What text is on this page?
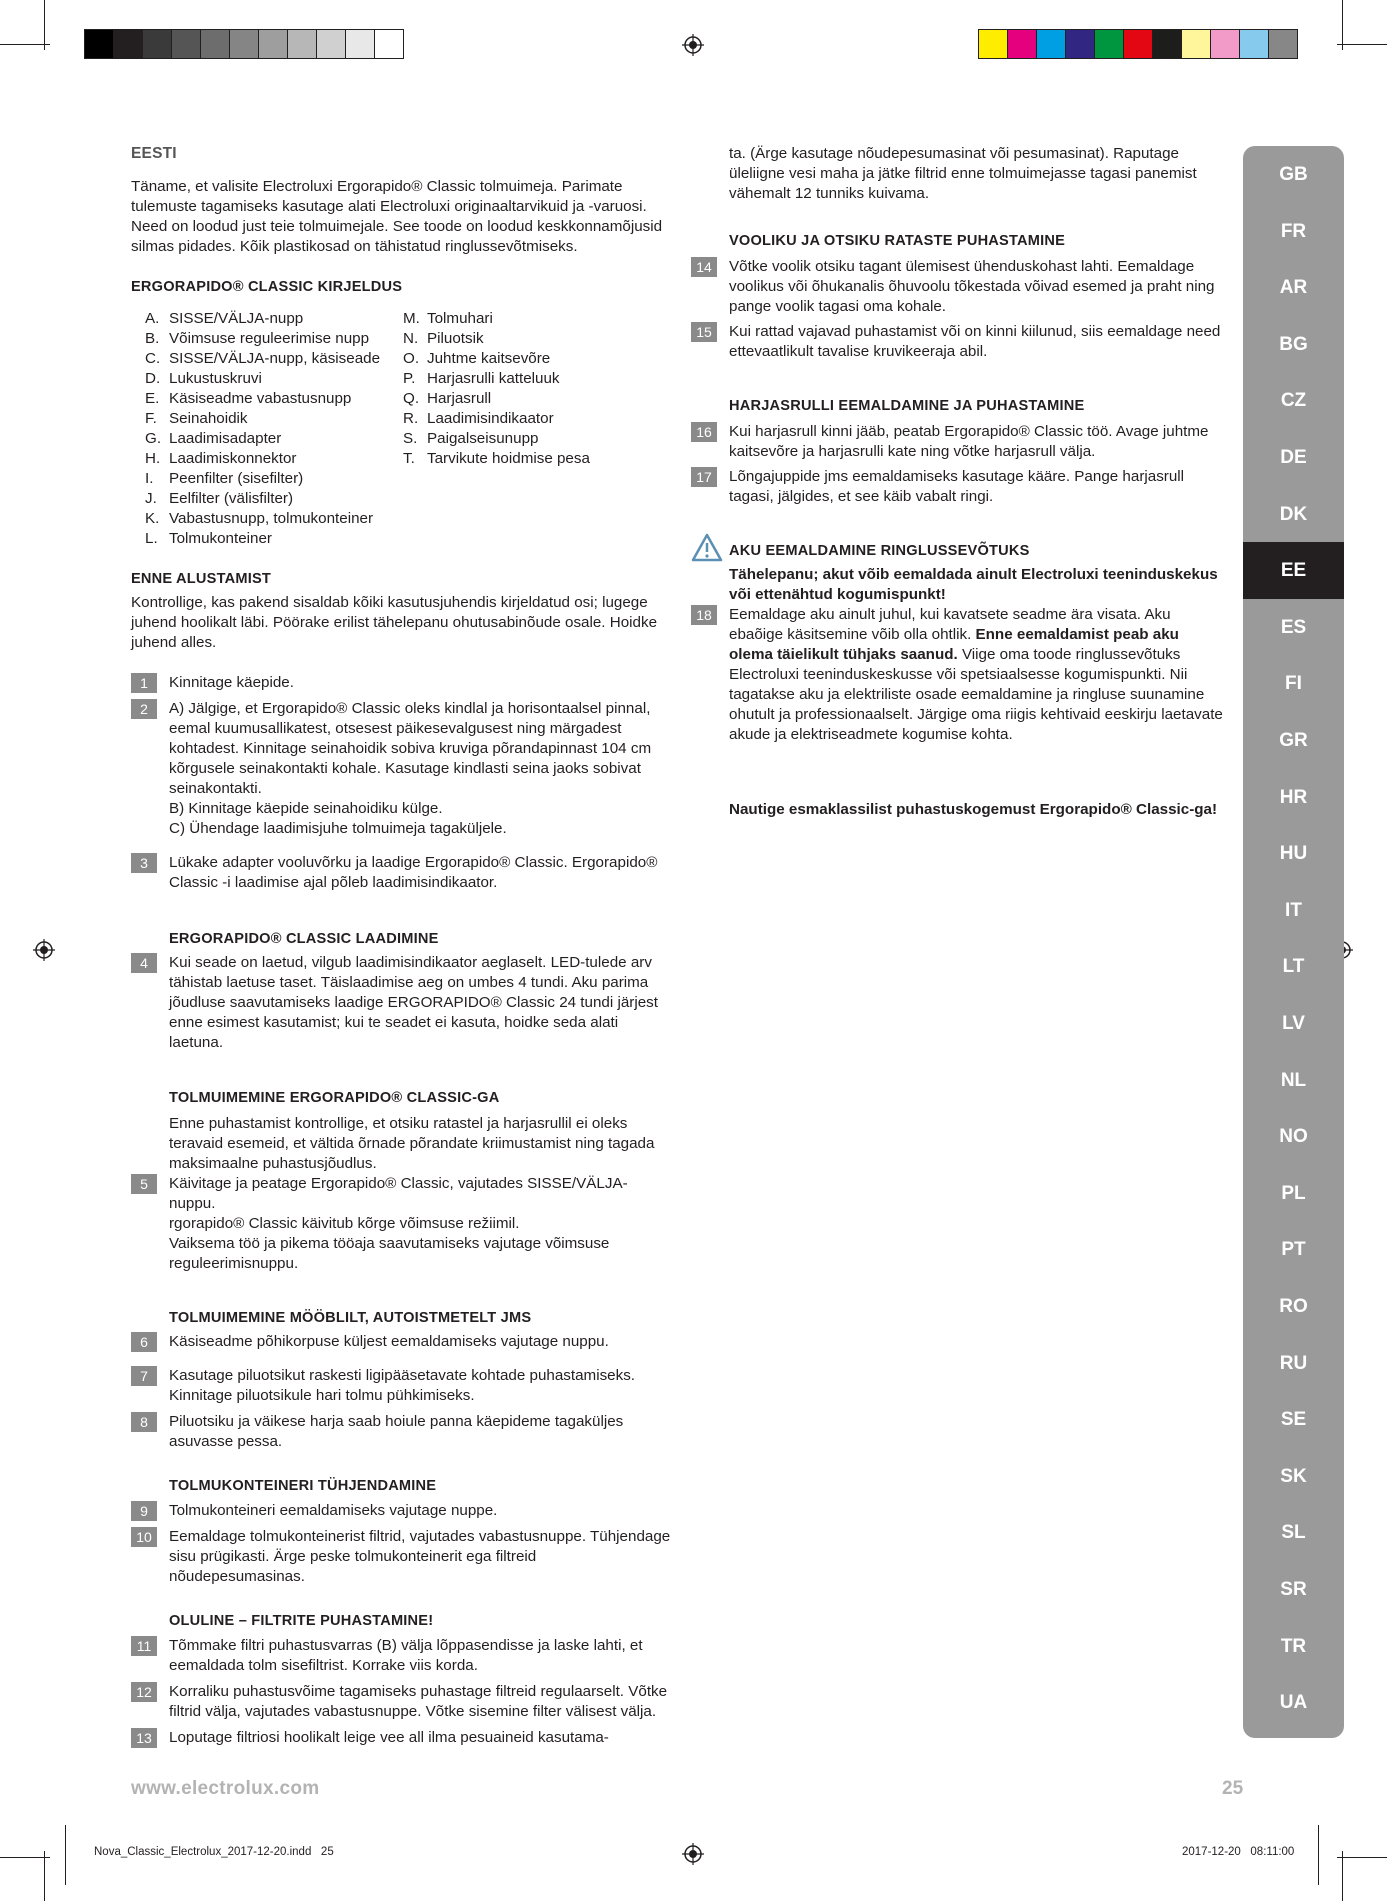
EESTI

Täname, et valisite Electroluxi Ergorapido® Classic tolmuimeja. Parimate tulemuste tagamiseks kasutage alati Electroluxi originaaltarvikuid ja -varuosi. Need on loodud just teie tolmuimejale. See toode on loodud keskkonnamõjusid silmas pidades. Kõik plastikosad on tähistatud ringlussevõtmiseks.

ERGORAPIDO® CLASSIC KIRJELDUS

A. SISSE/VÄLJA-nupp
B. Võimsuse reguleerimise nupp
C. SISSE/VÄLJA-nupp, käsiseade
D. Lukustuskruvi
E. Käsiseadme vabastusnupp
F. Seinahoidik
G. Laadimisadapter
H. Laadimiskonnektor
I.	Peenfilter (sisefilter)
J. Eelfilter (välisfilter)
K. Vabastusnupp, tolmukonteiner
L. Tolmukonteiner
M. Tolmuhari
N. Piluotsik
O. Juhtme kaitsevõre
P. Harjasrulli katteluuk
Q. Harjasrull
R. Laadimisindikaator
S. Paigalseisunupp
T. Tarvikute hoidmise pesa

ENNE ALUSTAMIST

Kontrollige, kas pakend sisaldab kõiki kasutusjuhendis kirjeldatud osi; lugege juhend hoolikalt läbi. Pöörake erilist tähelepanu ohutusabinõude osale. Hoidke juhend alles.

1	Kinnitage käepide.

2	A) Jälgige, et Ergorapido® Classic oleks kindlal ja horisontaalsel pinnal, eemal kuumusallikatest, otsesest päikesevalgusest ning märgadest kohtadest. Kinnitage seinahoidik sobiva kruviga põrandapinnast 104 cm kõrgusele seinakontakti kohale. Kasutage kindlasti seina jaoks sobivat seinakontakti.

B) Kinnitage käepide seinahoidiku külge.

C) Ühendage laadimisjuhe tolmuimeja tagaküljele.

3	Lükake adapter vooluvõrku ja laadige Ergorapido® Classic. Ergorapido® Classic -i laadimise ajal põleb laadimisindikaator.

ERGORAPIDO® CLASSIC LAADIMINE

4	Kui seade on laetud, vilgub laadimisindikaator aeglaselt. LED-tulede arv tähistab laetuse taset. Täislaadimise aeg on umbes 4 tundi. Aku parima jõudluse saavutamiseks laadige ERGORAPIDO® Classic 24 tundi järjest enne esimest kasutamist; kui te seadet ei kasuta, hoidke seda alati laetuna.

TOLMUIMEMINE ERGORAPIDO® CLASSIC-GA

Enne puhastamist kontrollige, et otsiku ratastel ja harjasrullil ei oleks teravaid esemeid, et vältida õrnade põrandate kriimustamist ning tagada maksimaalne puhastusjõudlus.

5	Käivitage ja peatage Ergorapido® Classic, vajutades SISSE/VÄLJA-nuppu.

rgorapido® Classic käivitub kõrge võimsuse režiimil.

Vaiksema töö ja pikema tööaja saavutamiseks vajutage võimsuse reguleerimisnuppu.

TOLMUIMEMINE MÖÖBLILT, AUTOISTMETELT JMS

6	Käsiseadme põhikorpuse küljest eemaldamiseks vajutage nuppu.

7	Kasutage piluotsikut raskesti ligipääsetavate kohtade puhastamiseks. Kinnitage piluotsikule hari tolmu pühkimiseks.

8	Piluotsiku ja väikese harja saab hoiule panna käepideme tagaküljes asuvasse pessa.

TOLMUKONTEINERI TÜHJENDAMINE

9	Tolmukonteineri eemaldamiseks vajutage nuppe.

10	Eemaldage tolmukonteinerist filtrid, vajutades vabastusnuppe. Tühjendage sisu prügikasti. Ärge peske tolmukonteinerit ega filtreid nõudepesumasinas.

OLULINE – FILTRITE PUHASTAMINE!

11	Tõmmake filtri puhastusvarras (B) välja lõppasendisse ja laske lahti, et eemaldada tolm sisefiltrist. Korrake viis korda.

12	Korraliku puhastusvõime tagamiseks puhastage filtreid regulaarselt. Võtke filtrid välja, vajutades vabastusnuppe. Võtke sisemine filter välisest välja.

13	Loputage filtriosi hoolikalt leige vee all ilma pesuaineid kasutama-

ta. (Ärge kasutage nõudepesumasinat või pesumasinat). Raputage üleliigne vesi maha ja jätke filtrid enne tolmuimejasse tagasi panemist vähemalt 12 tunniks kuivama.

VOOLIKU JA OTSIKU RATASTE PUHASTAMINE

14	Võtke voolik otsiku tagant ülemisest ühenduskohast lahti. Eemaldage voolikus või õhukanalis õhuvoolu tõkestada võivad esemed ja praht ning pange voolik tagasi oma kohale.

15	Kui rattad vajavad puhastamist või on kinni kiilunud, siis eemaldage need ettevaatlikult tavalise kruvikeeraja abil.

HARJASRULLI EEMALDAMINE JA PUHASTAMINE

16	Kui harjasrull kinni jääb, peatab Ergorapido® Classic töö. Avage juhtme kaitsevõre ja harjasrulli kate ning võtke harjasrull välja.

17	Lõngajuppide jms eemaldamiseks kasutage kääre. Pange harjasrull tagasi, jälgides, et see käib vabalt ringi.

AKU EEMALDAMINE RINGLUSSEVÕTUKS

Tähelepanu; akut võib eemaldada ainult Electroluxi teeninduskekus või ettenähtud kogumispunkt!

18	Eemaldage aku ainult juhul, kui kavatsete seadme ära visata. Aku ebaõige käsitsemine võib olla ohtlik. Enne eemaldamist peab aku olema täielikult tühjaks saanud. Viige oma toode ringlussevõtuks Electroluxi teeninduskeskusse või spetsiaalsesse kogumispunkti. Nii tagatakse aku ja elektriliste osade eemaldamine ja ringluse suunamine ohutult ja professionaalselt. Järgige oma riigis kehtivaid eeskirju laetavate akude ja elektriseadmete kogumise kohta.

Nautige esmaklassilist puhastuskogemust Ergorapido® Classic-ga!

GB
FR
AR
BG
CZ
DE
DK
EE
ES
FI
GR
HR
HU
IT
LT
LV
NL
NO
PL
PT
RO
RU
SE
SK
SL
SR
TR
UA
www.electrolux.com	25
Nova_Classic_Electrolux_2017-12-20.indd   25	2017-12-20   08:11:00
